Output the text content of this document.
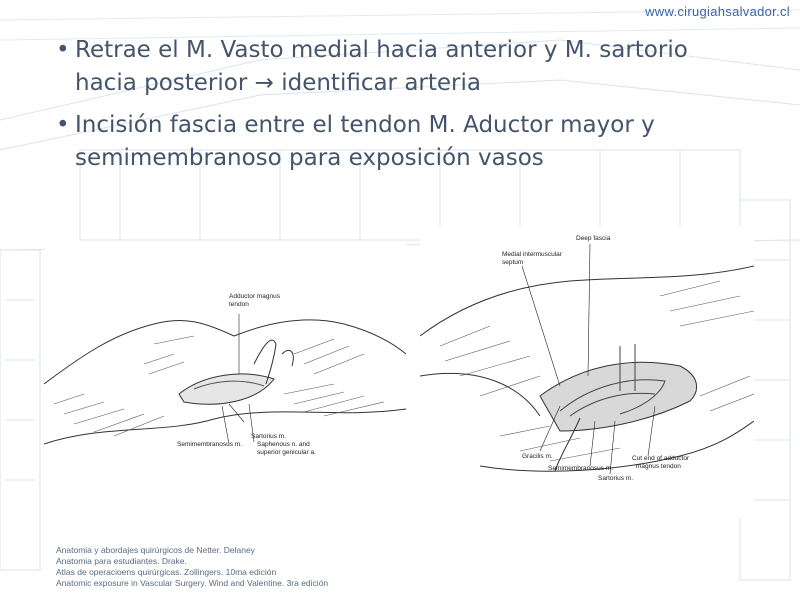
www.cirugiahsalvador.cl
• Retrae el M. Vasto medial hacia anterior y M. sartorio hacia posterior → identificar arteria
• Incisión fascia entre el tendon M. Aductor mayor y semimembranoso para exposición vasos
Adductor magnus
tendon
Sartorius m.
Semimembranosus m. Saphenous n. and
superior genicular a.
Deep fascia
Medial intermuscular
septum
Gracilis m.
Semimembranosus m.
Sartorius m.
Cut end of adductor
magnus tendon
Anatomia y abordajes quirúrgicos de Netter. Delaney
Anatomia para estudiantes. Drake.
Atlas de operacioens quirúrgicas. Zollingers. 10ma edición
Anatomic exposure in Vascular Surgery. Wind and Valentine. 3ra edición
